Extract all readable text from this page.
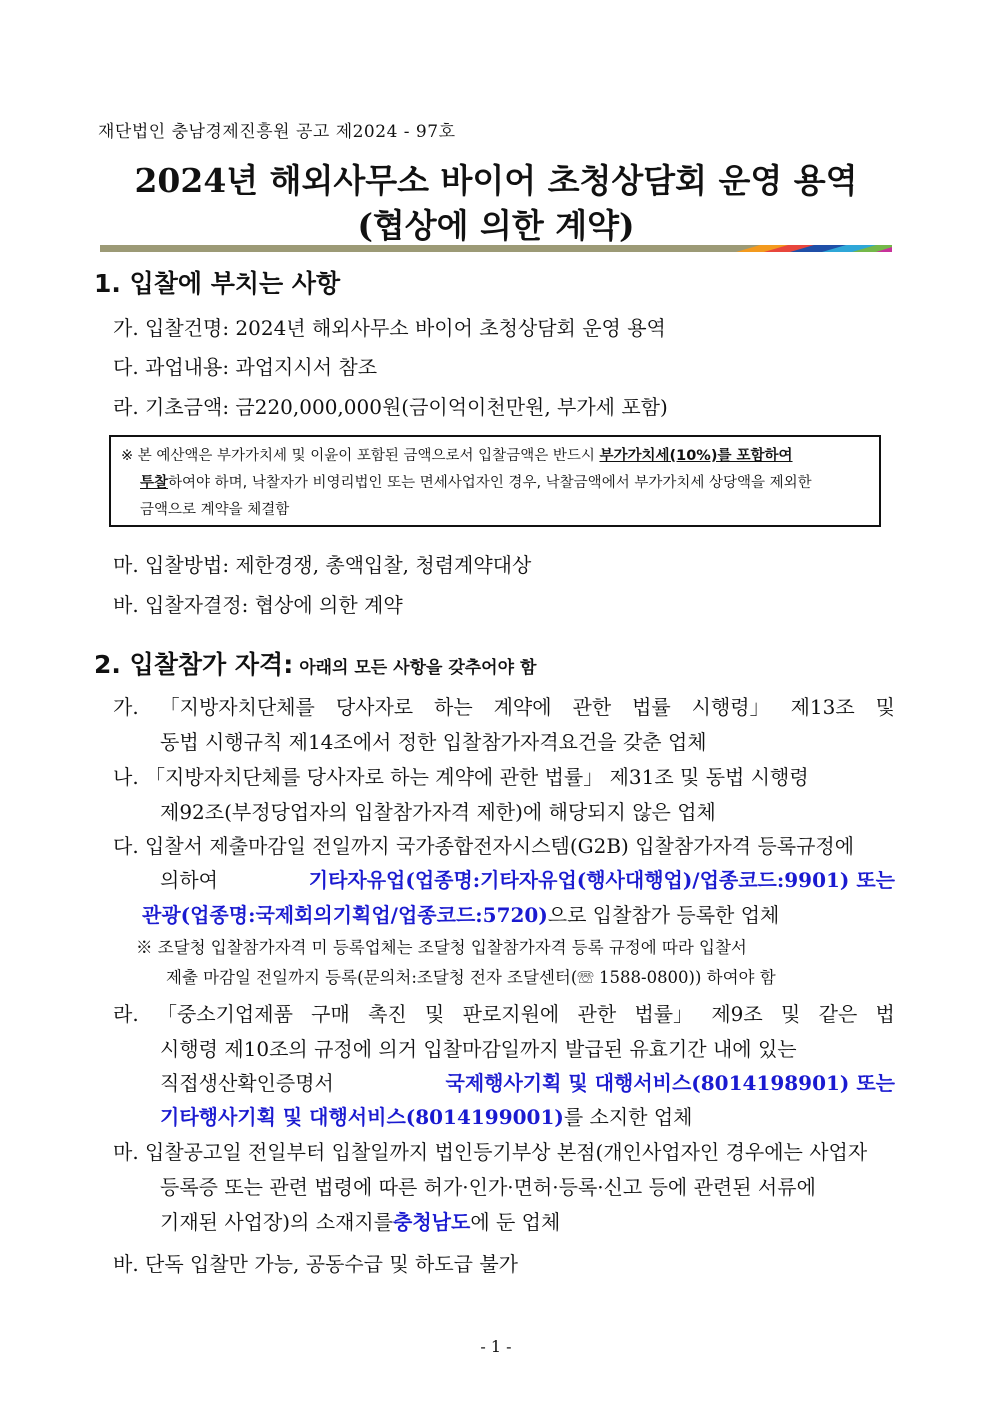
재단법인 충남경제진흥원 공고 제2024 - 97호
2024년 해외사무소 바이어 초청상담회 운영 용역
(협상에 의한 계약)
1. 입찰에 부치는 사항
가. 입찰건명: 2024년 해외사무소 바이어 초청상담회 운영 용역
다. 과업내용: 과업지시서 참조
라. 기초금액: 금220,000,000원(금이억이천만원, 부가세 포함)
※ 본 예산액은 부가가치세 및 이윤이 포함된 금액으로서 입찰금액은 반드시 부가가치세(10%)를 포함하여
투찰하여야 하며, 낙찰자가 비영리법인 또는 면세사업자인 경우, 낙찰금액에서 부가가치세 상당액을 제외한
금액으로 계약을 체결함
마. 입찰방법: 제한경쟁, 총액입찰, 청렴계약대상
바. 입찰자결정: 협상에 의한 계약
2. 입찰참가 자격: 아래의 모든 사항을 갖추어야 함
가. 「지방자치단체를 당사자로 하는 계약에 관한 법률 시행령」 제13조 및
동법 시행규칙 제14조에서 정한 입찰참가자격요건을 갖춘 업체
나. 「지방자치단체를 당사자로 하는 계약에 관한 법률」 제31조 및 동법 시행령
제92조(부정당업자의 입찰참가자격 제한)에 해당되지 않은 업체
다. 입찰서 제출마감일 전일까지 국가종합전자시스템(G2B) 입찰참가자격 등록규정에
의하여	기타자유업(업종명:기타자유업(행사대행업)/업종코드:9901) 또는
관광(업종명:국제회의기획업/업종코드:5720)으로 입찰참가 등록한 업체
※ 조달청 입찰참가자격 미 등록업체는 조달청 입찰참가자격 등록 규정에 따라 입찰서
제출 마감일 전일까지 등록(문의처:조달청 전자 조달센터(☏ 1588-0800)) 하여야 함
라. 「중소기업제품 구매 촉진 및 판로지원에 관한 법률」 제9조 및 같은 법
시행령 제10조의 규정에 의거 입찰마감일까지 발급된 유효기간 내에 있는
직접생산확인증명서	국제행사기획 및 대행서비스(8014198901) 또는
기타행사기획 및 대행서비스(8014199001)를 소지한 업체
마. 입찰공고일 전일부터 입찰일까지 법인등기부상 본점(개인사업자인 경우에는 사업자
등록증 또는 관련 법령에 따른 허가·인가·면허·등록·신고 등에 관련된 서류에
기재된 사업장)의 소재지를충청남도에 둔 업체
바. 단독 입찰만 가능, 공동수급 및 하도급 불가
- 1 -
